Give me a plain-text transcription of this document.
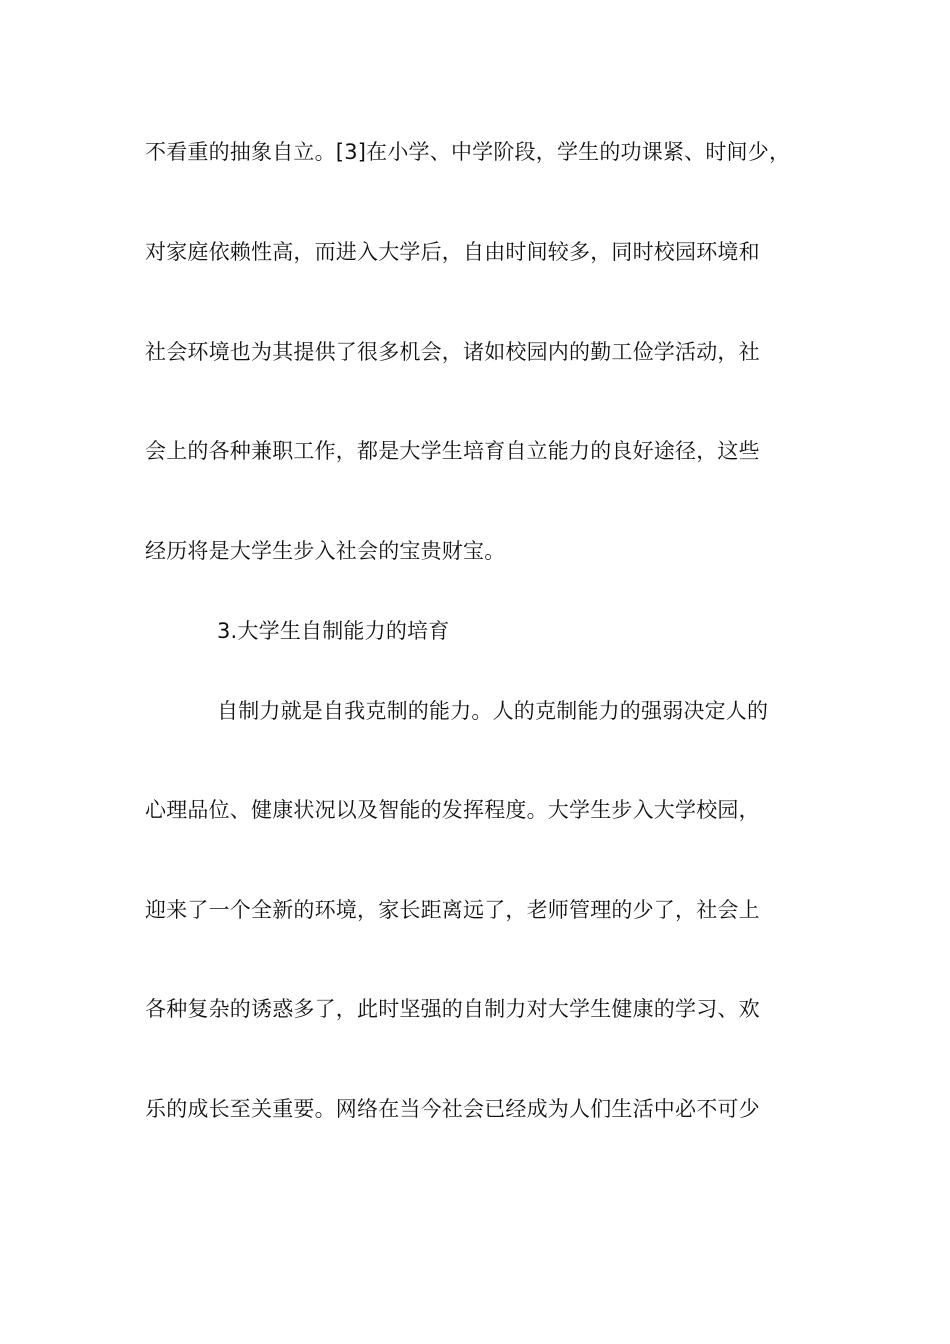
不看重的抽象自立。[3]在小学、中学阶段，学生的功课紧、时间少，
对家庭依赖性高，而进入大学后，自由时间较多，同时校园环境和
社会环境也为其提供了很多机会，诸如校园内的勤工俭学活动，社
会上的各种兼职工作，都是大学生培育自立能力的良好途径，这些
经历将是大学生步入社会的宝贵财宝。
3.大学生自制能力的培育
自制力就是自我克制的能力。人的克制能力的强弱决定人的
心理品位、健康状况以及智能的发挥程度。大学生步入大学校园，
迎来了一个全新的环境，家长距离远了，老师管理的少了，社会上
各种复杂的诱惑多了，此时坚强的自制力对大学生健康的学习、欢
乐的成长至关重要。网络在当今社会已经成为人们生活中必不可少
